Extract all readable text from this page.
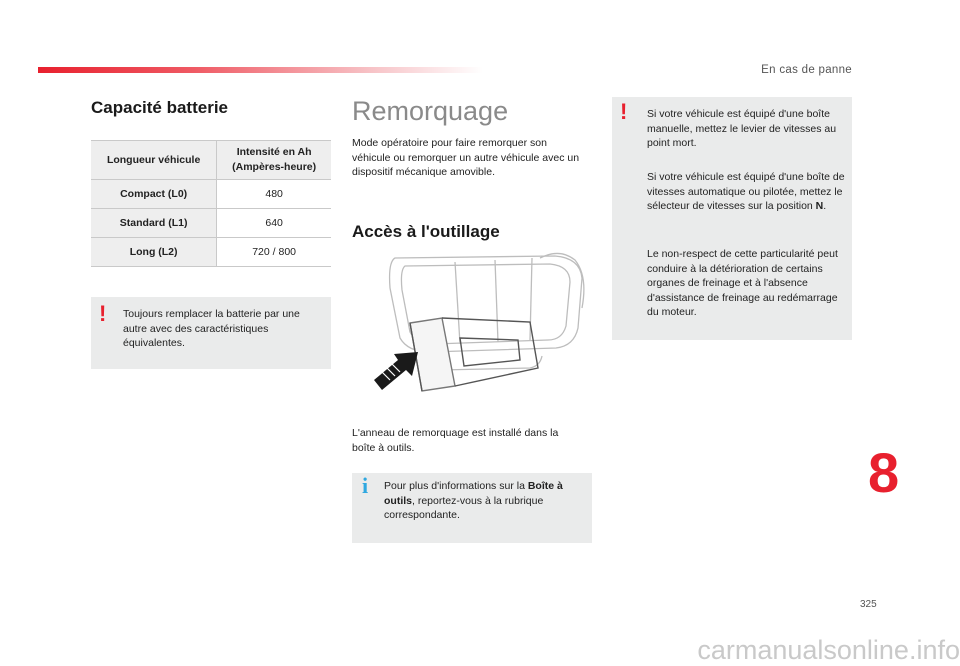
En cas de panne
Capacité batterie
Longueur véhicule	Intensité en Ah
(Ampères-heure)
Compact (L0)	480
Standard (L1)	640
Long (L2)	720 / 800
! Toujours remplacer la batterie par une autre avec des caractéristiques équivalentes.

Remorquage
Mode opératoire pour faire remorquer son véhicule ou remorquer un autre véhicule avec un dispositif mécanique amovible.
Accès à l'outillage
L'anneau de remorquage est installé dans la boîte à outils.
i Pour plus d'informations sur la Boîte à outils, reportez-vous à la rubrique correspondante.

! Si votre véhicule est équipé d'une boîte manuelle, mettez le levier de vitesses au point mort.

Si votre véhicule est équipé d'une boîte de vitesses automatique ou pilotée, mettez le sélecteur de vitesses sur la position N.

Le non-respect de cette particularité peut conduire à la détérioration de certains organes de freinage et à l'absence d'assistance de freinage au redémarrage du moteur.

8
325
carmanualsonline.info
